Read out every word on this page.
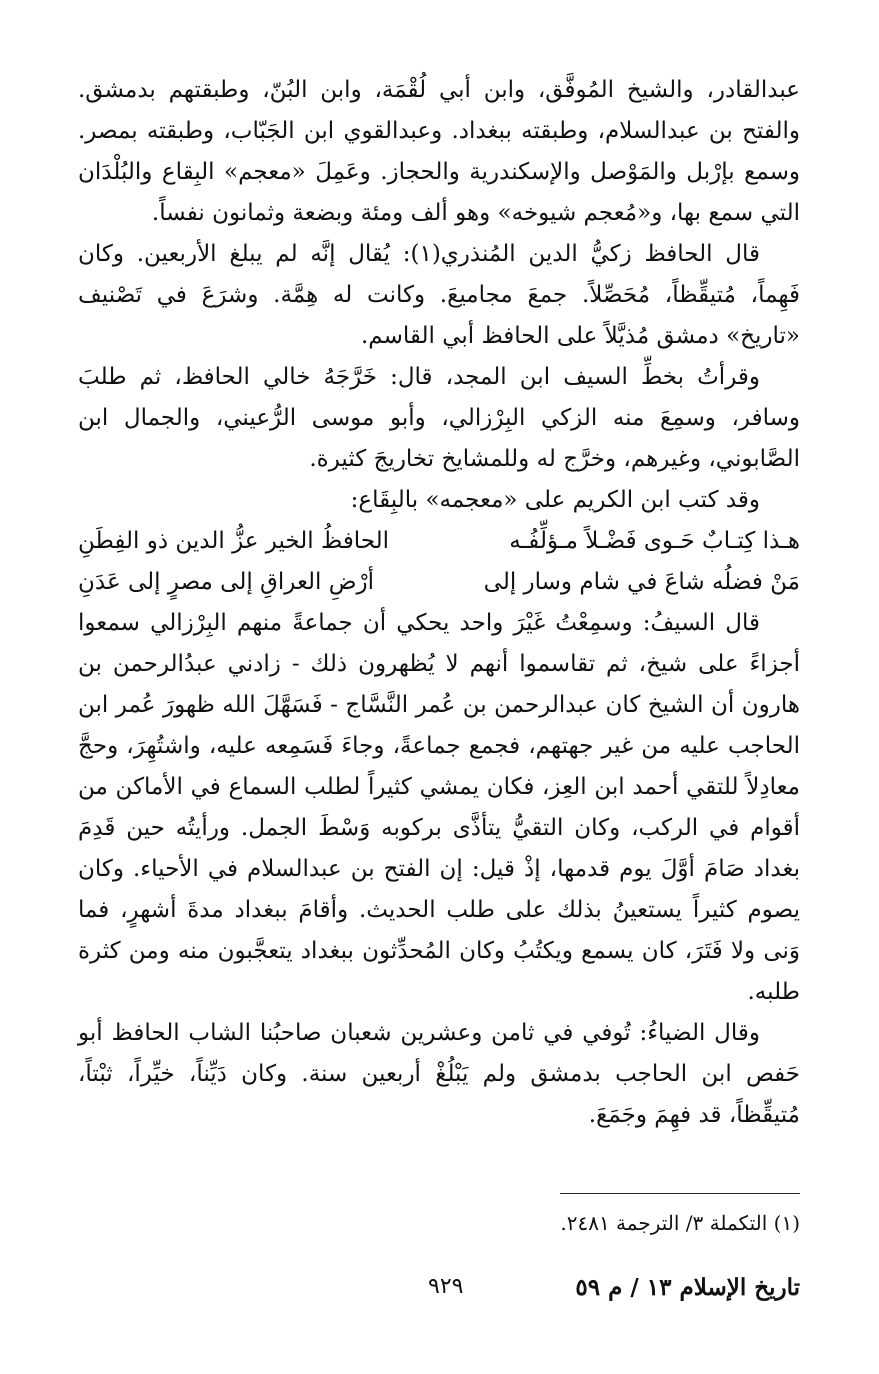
عبدالقادر، والشيخ المُوفَّق، وابن أبي لُقْمَة، وابن البُنّ، وطبقتهم بدمشق. والفتح بن عبدالسلام، وطبقته ببغداد. وعبدالقوي ابن الجَبّاب، وطبقته بمصر. وسمع بإرْبل والمَوْصل والإسكندرية والحجاز. وعَمِلَ «معجم» البِقاع والبُلْدَان التي سمع بها، و«مُعجم شيوخه» وهو ألف ومئة وبضعة وثمانون نفساً.

قال الحافظ زكيُّ الدين المُنذري(١): يُقال إنَّه لم يبلغ الأربعين. وكان فَهِماً، مُتيقِّظاً، مُحَصِّلاً. جمعَ مجاميعَ. وكانت له هِمَّة. وشرَعَ في تَصْنيف «تاريخ» دمشق مُذيَّلاً على الحافظ أبي القاسم.

وقرأتُ بخطِّ السيف ابن المجد، قال: خَرَّجَهُ خالي الحافظ، ثم طلبَ وسافر، وسمِعَ منه الزكي البِرْزالي، وأبو موسى الرُّعيني، والجمال ابن الصَّابوني، وغيرهم، وخرَّج له وللمشايخ تخاريجَ كثيرة.

وقد كتب ابن الكريم على «معجمه» بالبِقَاع:

هـذا كِتـابٌ حَـوى فَضْـلاً مـؤلِّفُـه
الحافظُ الخير عزُّ الدين ذو الفِطَنِ
مَنْ فضلُه شاعَ في شام وسار إلى
أرْضِ العراقِ إلى مصرٍ إلى عَدَنِ

قال السيفُ: وسمِعْتُ غَيْرَ واحد يحكي أن جماعةً منهم البِرْزالي سمعوا أجزاءً على شيخ، ثم تقاسموا أنهم لا يُظهرون ذلك - زادني عبدُالرحمن بن هارون أن الشيخ كان عبدالرحمن بن عُمر النَّسَّاج - فَسَهَّلَ الله ظهورَ عُمر ابن الحاجب عليه من غير جهتهم، فجمع جماعةً، وجاءَ فَسَمِعه عليه، واشتُهِرَ، وحجَّ معادِلاً للتقي أحمد ابن العِز، فكان يمشي كثيراً لطلب السماع في الأماكن من أقوام في الركب، وكان التقيُّ يتأذَّى بركوبه وَسْطَ الجمل. ورأيتُه حين قَدِمَ بغداد صَامَ أوَّلَ يوم قدمها، إذْ قيل: إن الفتح بن عبدالسلام في الأحياء. وكان يصوم كثيراً يستعينُ بذلك على طلب الحديث. وأقامَ ببغداد مدةَ أشهرٍ، فما وَنى ولا فَتَرَ، كان يسمع ويكتُبُ وكان المُحدِّثون ببغداد يتعجَّبون منه ومن كثرة طلبه.

وقال الضياءُ: تُوفي في ثامن وعشرين شعبان صاحبُنا الشاب الحافظ أبو حَفص ابن الحاجب بدمشق ولم يَبْلُغْ أربعين سنة. وكان دَيِّناً، خيِّراً، ثبْتاً، مُتيقِّظاً، قد فهِمَ وجَمَعَ.

(١) التكملة ٣/ الترجمة ٢٤٨١.
تاريخ الإسلام ١٣ / م ٥٩
٩٢٩
